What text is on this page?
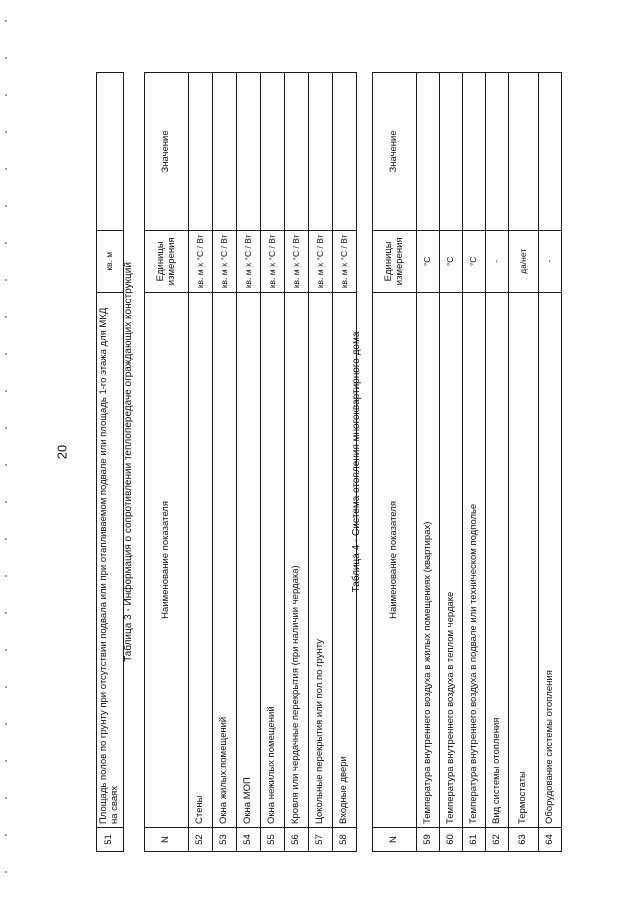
20
51	Площадь полов по грунту при отсутствии подвала или при отапливаемом подвале или площадь 1-го этажа для МКД на сваях	кв. м	
Таблица 3 - Информация о сопротивлении теплопередаче ограждающих конструкций
N	Наименование показателя	Единицы измерения	Значение
52	Стены	кв. м х °С / Вт	
53	Окна жилых помещений	кв. м х °С / Вт	
54	Окна МОП	кв. м х °С / Вт	
55	Окна нежилых помещений	кв. м х °С / Вт	
56	Кровля или чердачные перекрытия (при наличии чердака)	кв. м х °С / Вт	
57	Цокольные перекрытия или пол по грунту	кв. м х °С / Вт	
58	Входные двери	кв. м х °С / Вт	
Таблица 4 - Система отопления многоквартирного дома
N	Наименование показателя	Единицы измерения	Значение
59	Температура внутреннего воздуха в жилых помещениях (квартирах)	°С	
60	Температура внутреннего воздуха в теплом чердаке	°С	
61	Температура внутреннего воздуха в подвале или техническом подполье	°С	
62	Вид системы отопления	-	
63	Термостаты	да/нет	
64	Оборудование системы отопления	-	
